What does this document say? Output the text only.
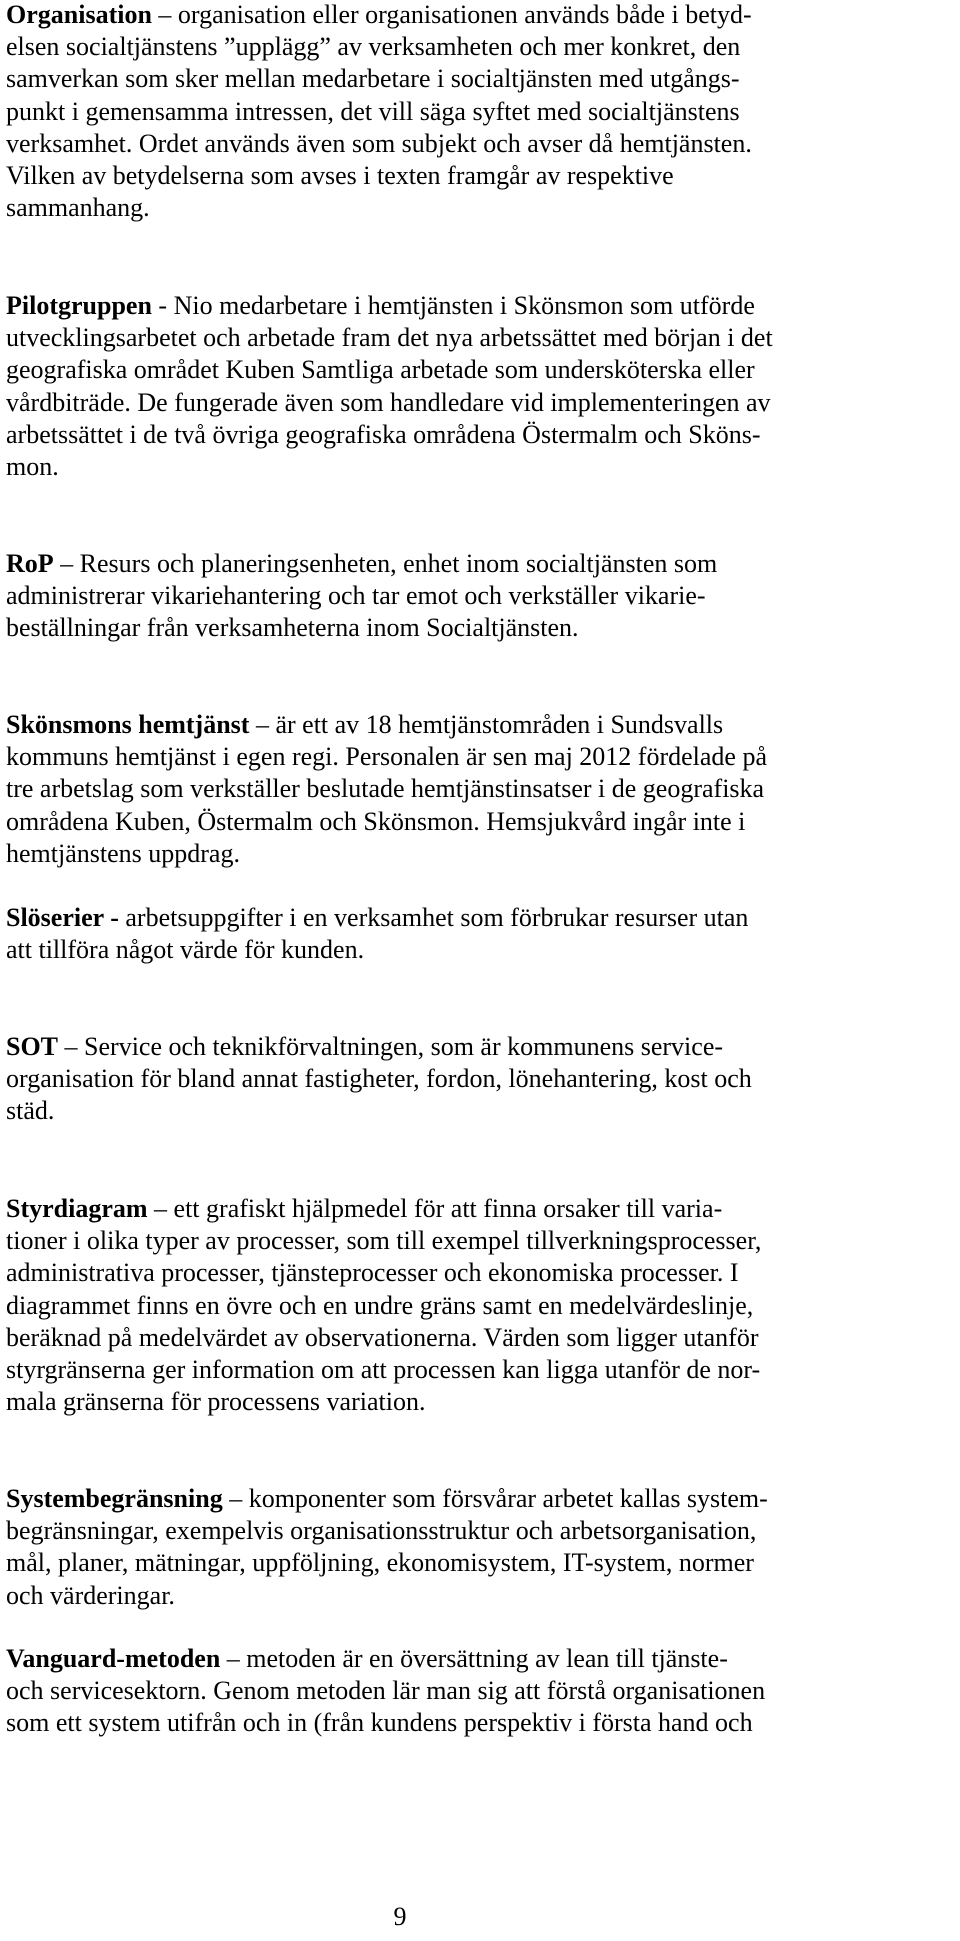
Organisation – organisation eller organisationen används både i betyd-
elsen socialtjänstens ”upplägg” av verksamheten och mer konkret, den
samverkan som sker mellan medarbetare i socialtjänsten med utgångs-
punkt i gemensamma intressen, det vill säga syftet med socialtjänstens
verksamhet. Ordet används även som subjekt och avser då hemtjänsten.
Vilken av betydelserna som avses i texten framgår av respektive
sammanhang.

Pilotgruppen - Nio medarbetare i hemtjänsten i Skönsmon som utförde
utvecklingsarbetet och arbetade fram det nya arbetssättet med början i det
geografiska området Kuben Samtliga arbetade som undersköterska eller
vårdbiträde. De fungerade även som handledare vid implementeringen av
arbetssättet i de två övriga geografiska områdena Östermalm och Sköns-
mon.

RoP – Resurs och planeringsenheten, enhet inom socialtjänsten som
administrerar vikariehantering och tar emot och verkställer vikarie-
beställningar från verksamheterna inom Socialtjänsten.

Skönsmons hemtjänst – är ett av 18 hemtjänstområden i Sundsvalls
kommuns hemtjänst i egen regi. Personalen är sen maj 2012 fördelade på
tre arbetslag som verkställer beslutade hemtjänstinsatser i de geografiska
områdena Kuben, Östermalm och Skönsmon. Hemsjukvård ingår inte i
hemtjänstens uppdrag.

Slöserier - arbetsuppgifter i en verksamhet som förbrukar resurser utan
att tillföra något värde för kunden.

SOT – Service och teknikförvaltningen, som är kommunens service-
organisation för bland annat fastigheter, fordon, lönehantering, kost och
städ.

Styrdiagram – ett grafiskt hjälpmedel för att finna orsaker till varia-
tioner i olika typer av processer, som till exempel tillverkningsprocesser,
administrativa processer, tjänsteprocesser och ekonomiska processer. I
diagrammet finns en övre och en undre gräns samt en medelvärdeslinje,
beräknad på medelvärdet av observationerna. Värden som ligger utanför
styrgränserna ger information om att processen kan ligga utanför de nor-
mala gränserna för processens variation.

Systembegränsning – komponenter som försvårar arbetet kallas system-
begränsningar, exempelvis organisationsstruktur och arbetsorganisation,
mål, planer, mätningar, uppföljning, ekonomisystem, IT-system, normer
och värderingar.

Vanguard-metoden – metoden är en översättning av lean till tjänste-
och servicesektorn. Genom metoden lär man sig att förstå organisationen
som ett system utifrån och in (från kundens perspektiv i första hand och

9
